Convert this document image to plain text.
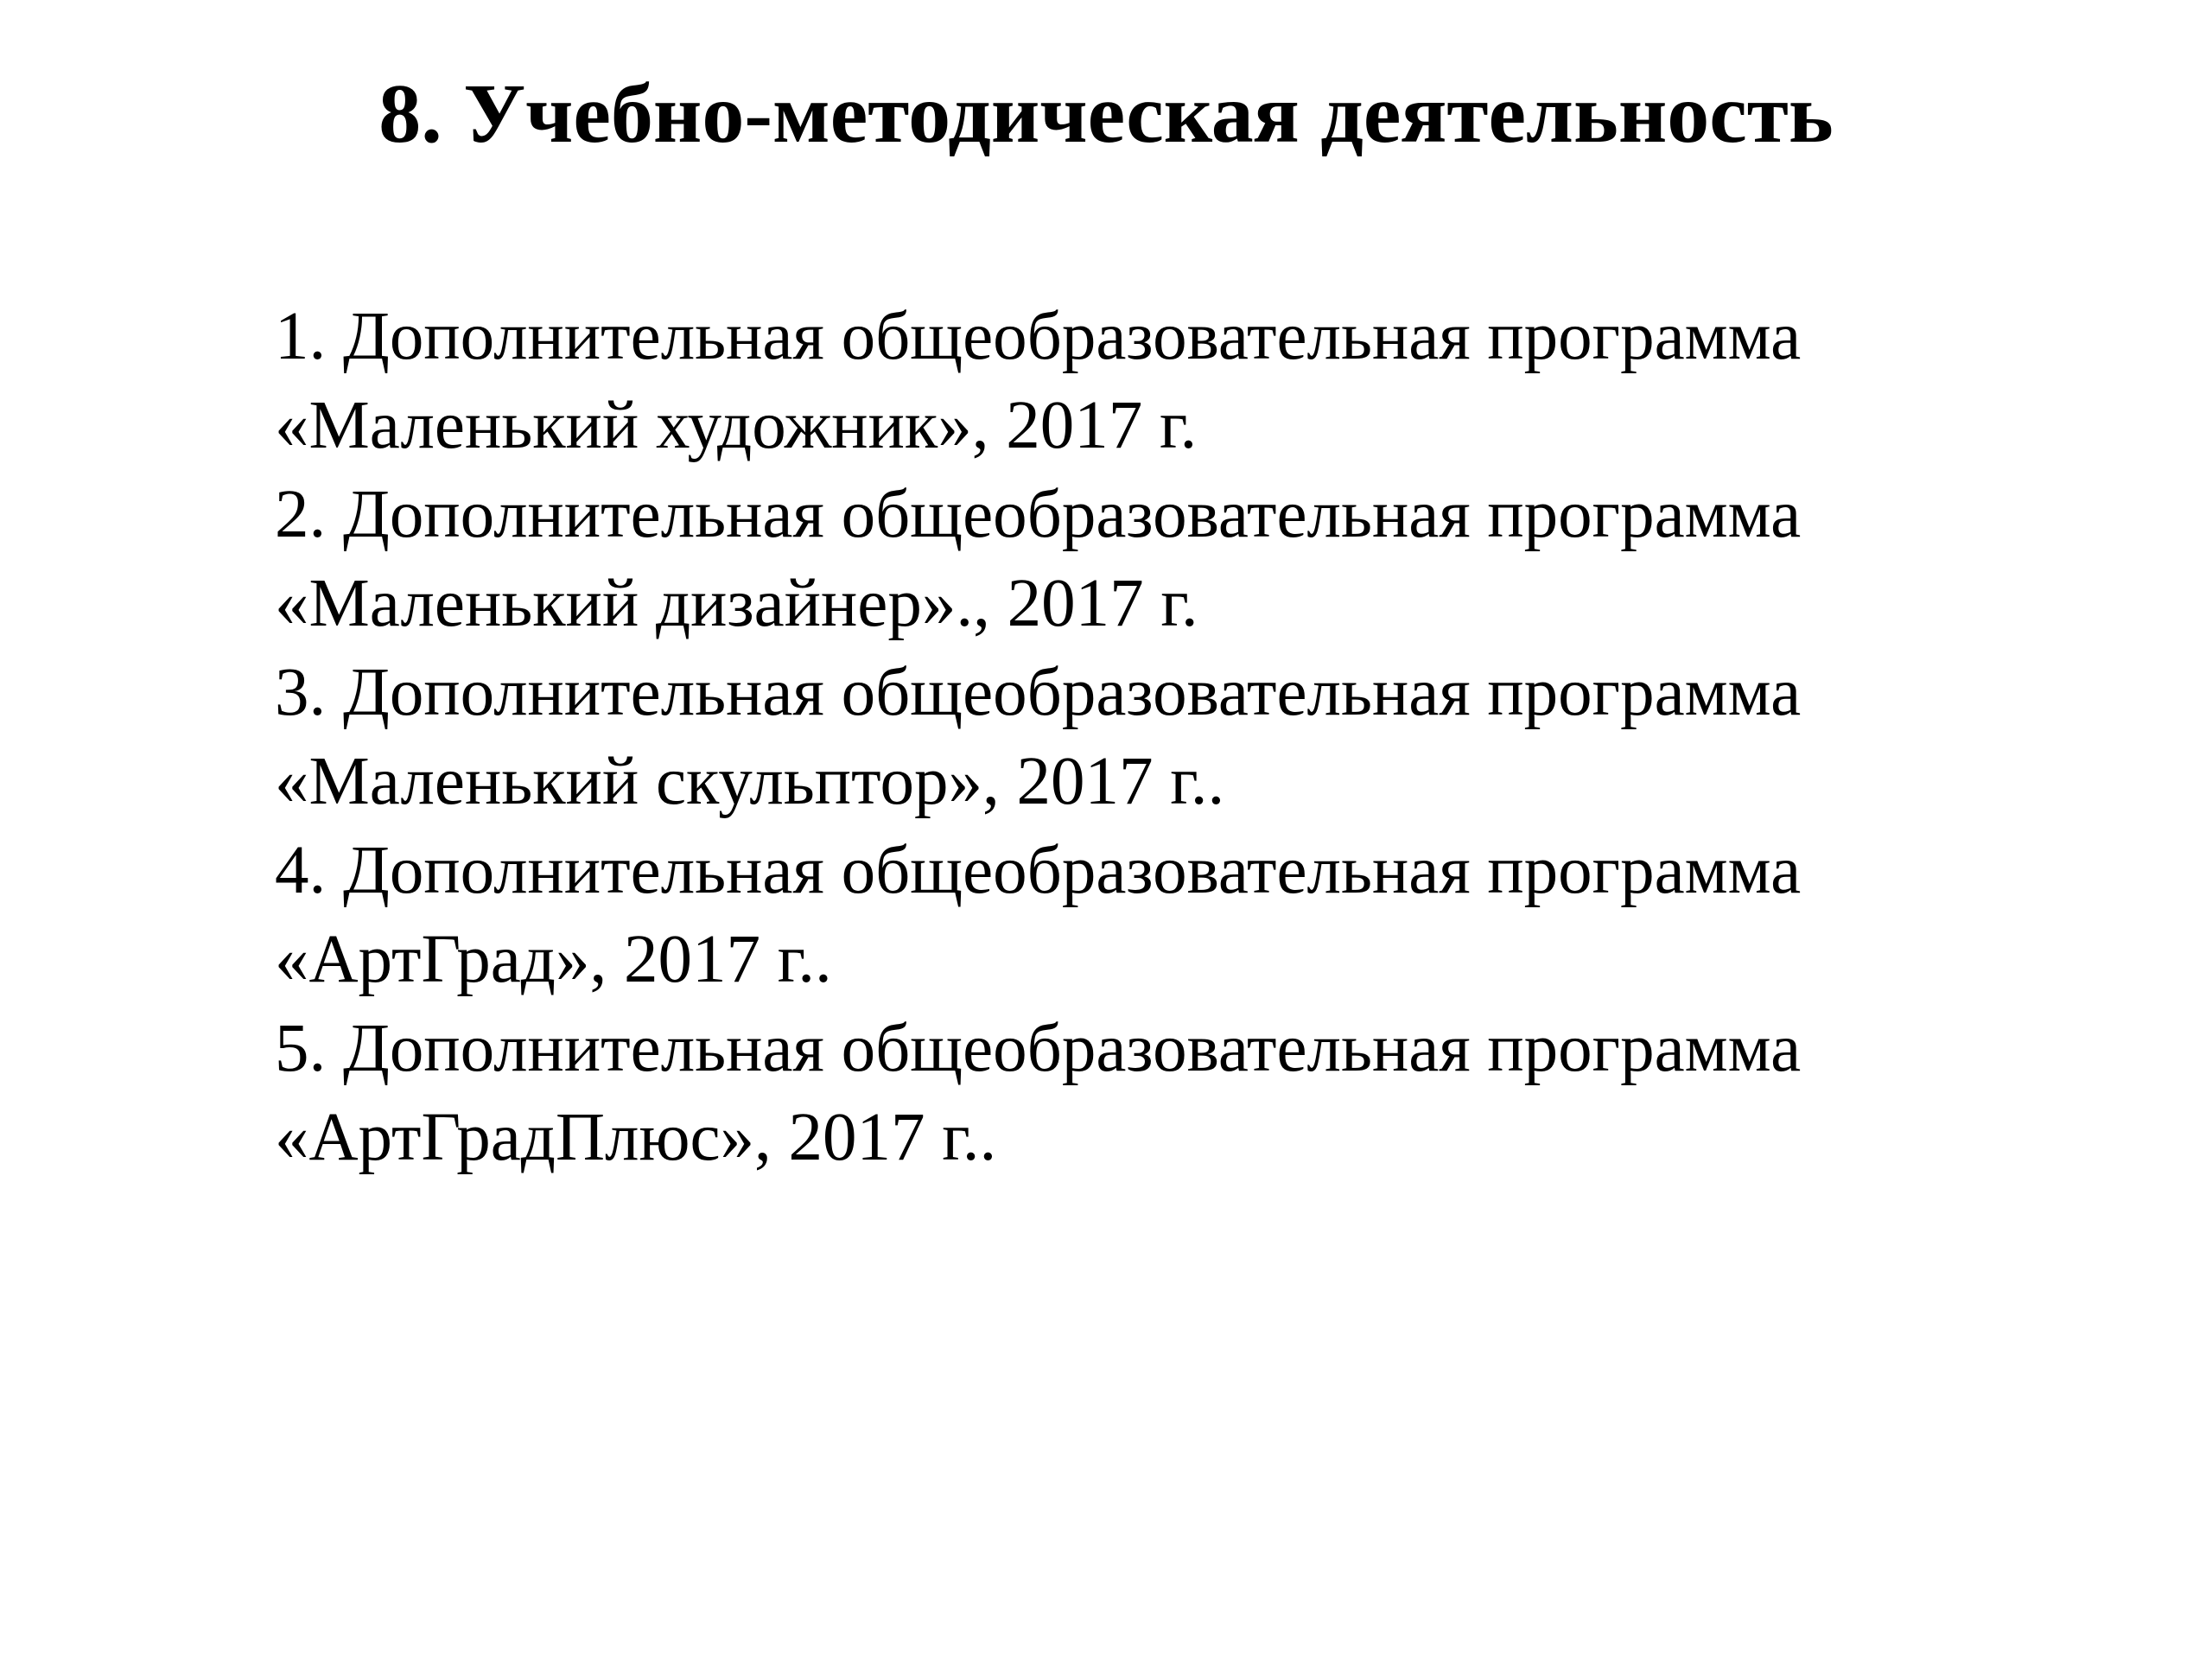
8. Учебно-методическая деятельность
1. Дополнительная общеобразовательная программа
«Маленький художник», 2017 г.
2. Дополнительная общеобразовательная программа
«Маленький дизайнер»., 2017 г.
3. Дополнительная общеобразовательная программа
«Маленький скульптор», 2017 г..
4. Дополнительная общеобразовательная программа
«АртГрад», 2017 г..
5. Дополнительная общеобразовательная программа
«АртГрадПлюс», 2017 г..
